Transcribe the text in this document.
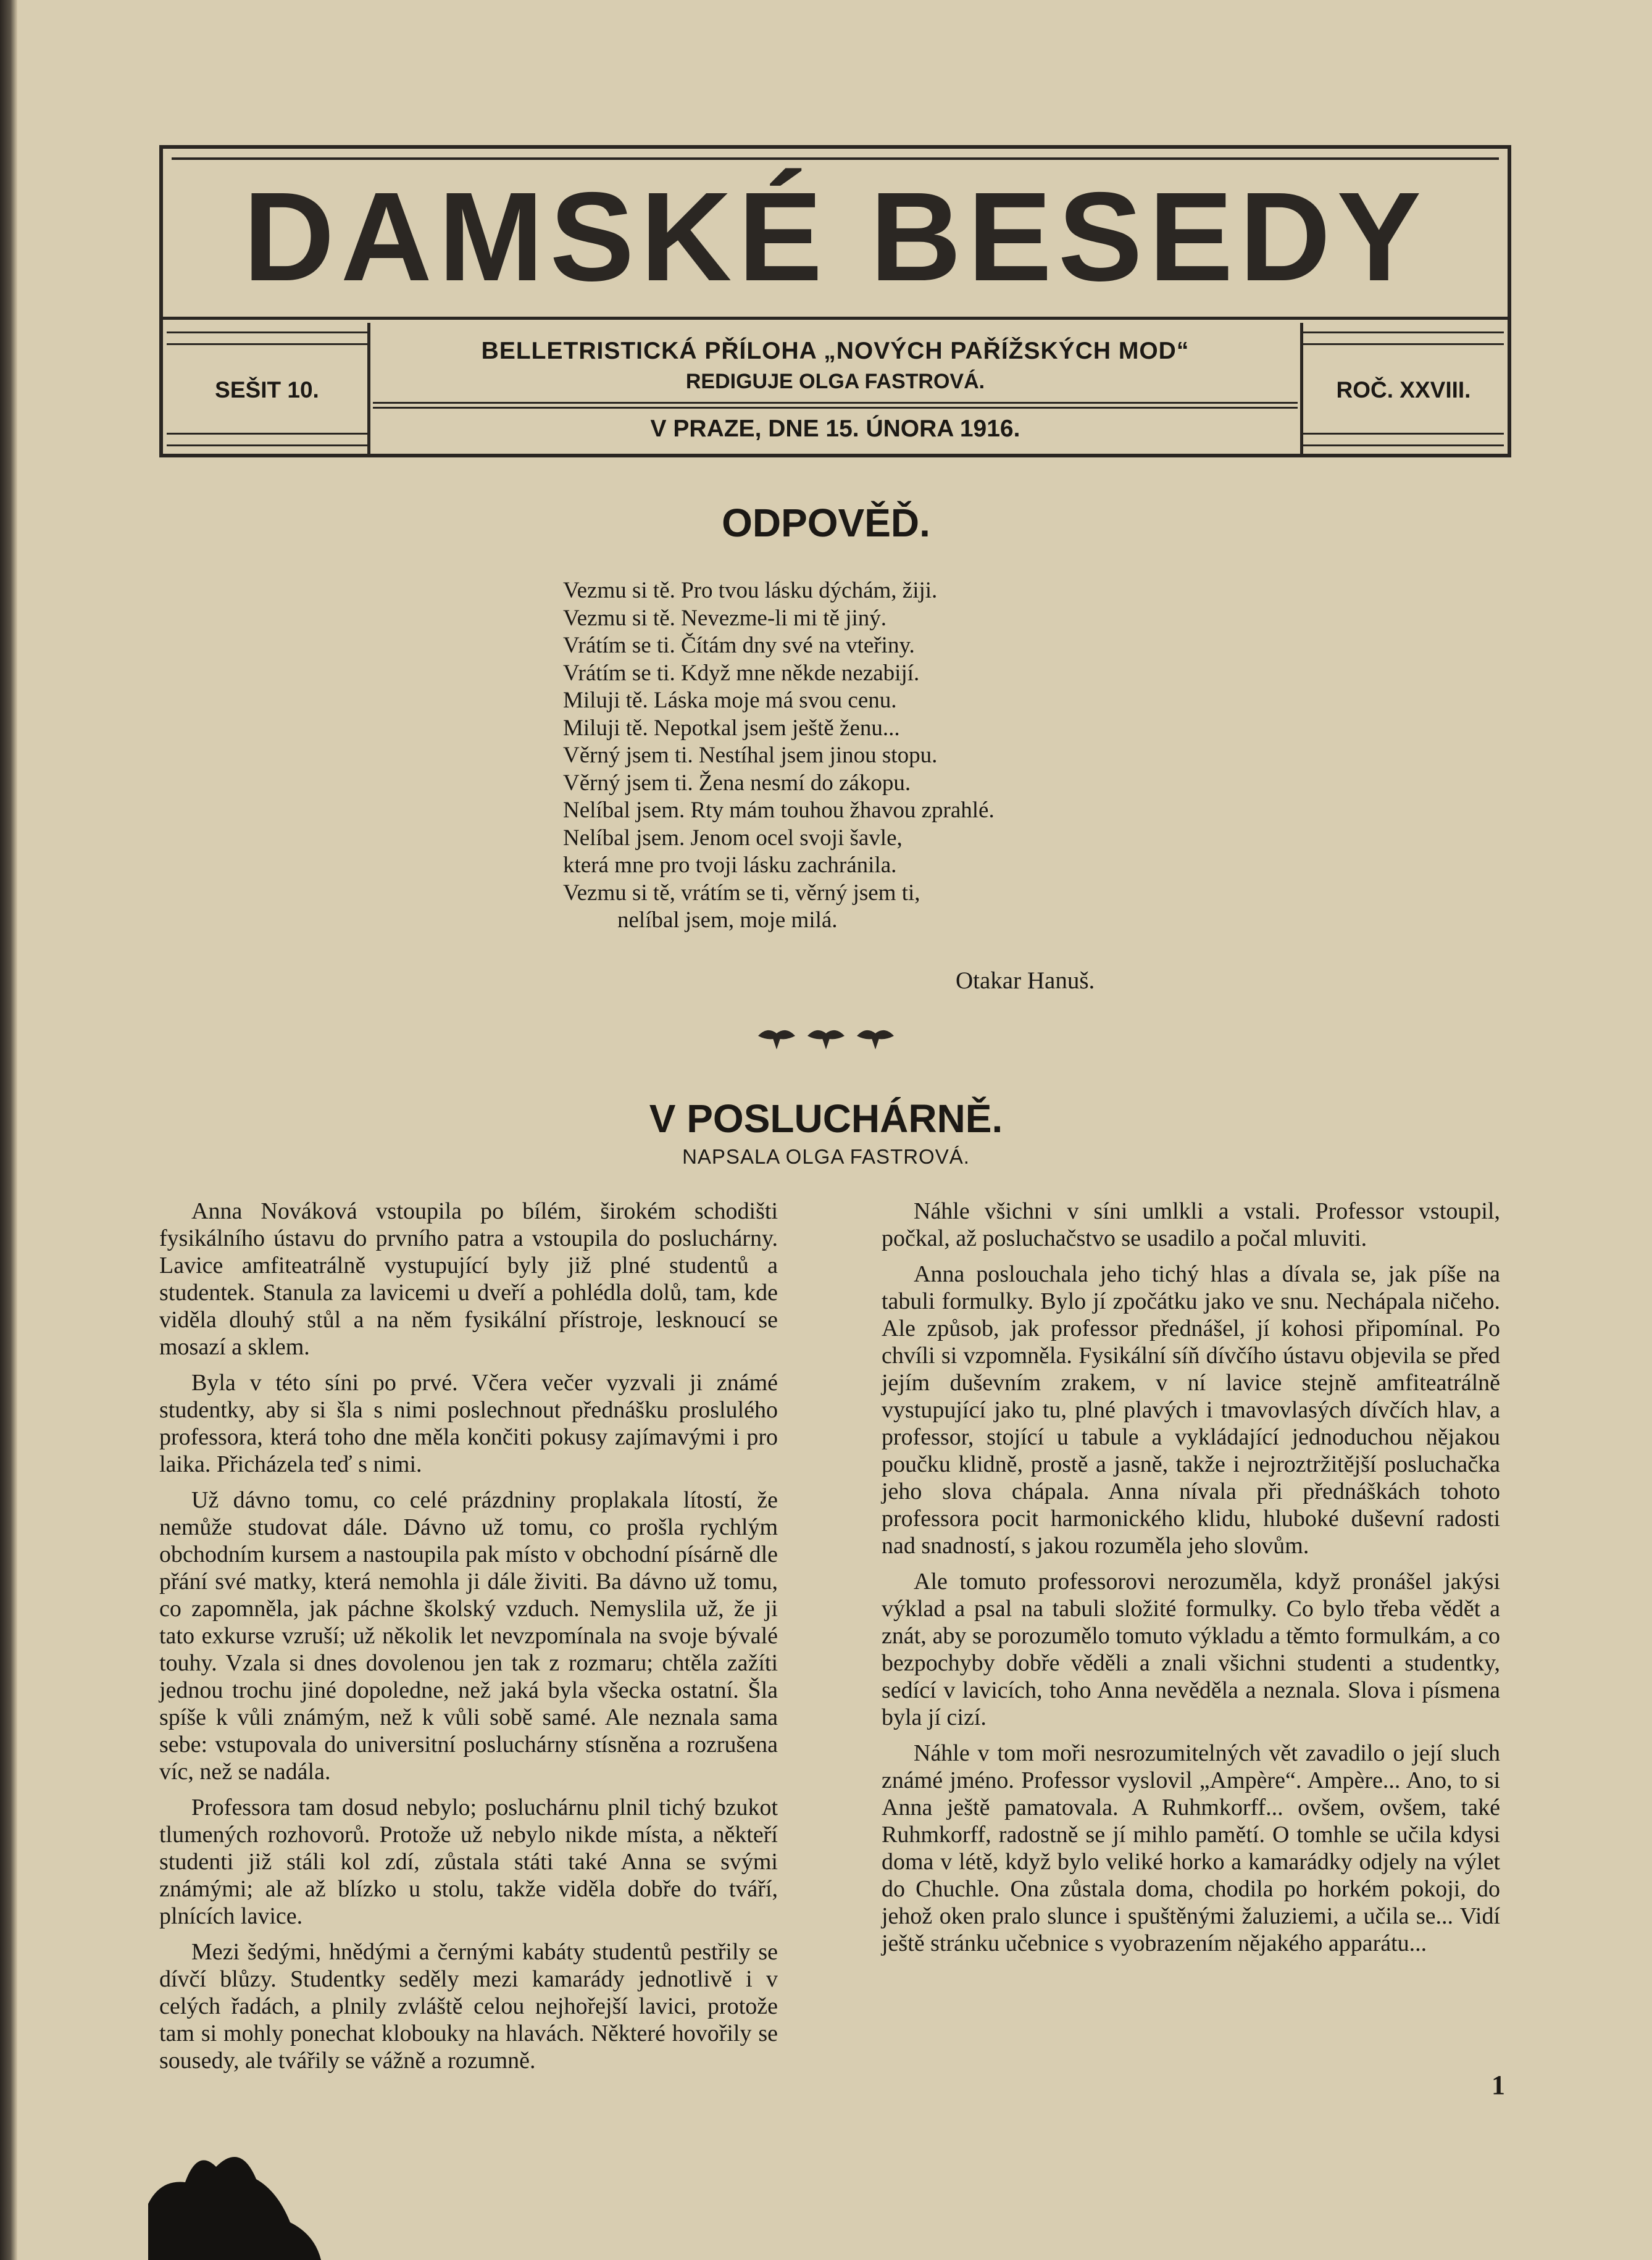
DAMSKÉ BESEDY
SEŠIT 10.
BELLETRISTICKÁ PŘÍLOHA „NOVÝCH PAŘÍŽSKÝCH MOD“
REDIGUJE OLGA FASTROVÁ.
V PRAZE, DNE 15. ÚNORA 1916.
ROČ. XXVIII.
ODPOVĚĎ.
Vezmu si tě. Pro tvou lásku dýchám, žiji.
Vezmu si tě. Nevezme-li mi tě jiný.
Vrátím se ti. Čítám dny své na vteřiny.
Vrátím se ti. Když mne někde nezabijí.
Miluji tě. Láska moje má svou cenu.
Miluji tě. Nepotkal jsem ještě ženu...
Věrný jsem ti. Nestíhal jsem jinou stopu.
Věrný jsem ti. Žena nesmí do zákopu.
Nelíbal jsem. Rty mám touhou žhavou zprahlé.
Nelíbal jsem. Jenom ocel svoji šavle,
která mne pro tvoji lásku zachránila.
Vezmu si tě, vrátím se ti, věrný jsem ti,
nelíbal jsem, moje milá.
Otakar Hanuš.
V POSLUCHÁRNĚ.
NAPSALA OLGA FASTROVÁ.

Anna Nováková vstoupila po bílém, širokém schodišti fysikálního ústavu do prvního patra a vstoupila do posluchárny. Lavice amfiteatrálně vystupující byly již plné studentů a studentek. Stanula za lavicemi u dveří a pohlédla dolů, tam, kde viděla dlouhý stůl a na něm fysikální přístroje, lesknoucí se mosazí a sklem.

Byla v této síni po prvé. Včera večer vyzvali ji známé studentky, aby si šla s nimi poslechnout přednášku proslulého professora, která toho dne měla končiti pokusy zajímavými i pro laika. Přicházela teď s nimi.

Už dávno tomu, co celé prázdniny proplakala lítostí, že nemůže studovat dále. Dávno už tomu, co prošla rychlým obchodním kursem a nastoupila pak místo v obchodní písárně dle přání své matky, která nemohla ji dále živiti. Ba dávno už tomu, co zapomněla, jak páchne školský vzduch. Nemyslila už, že ji tato exkurse vzruší; už několik let nevzpomínala na svoje bývalé touhy. Vzala si dnes dovolenou jen tak z rozmaru; chtěla zažíti jednou trochu jiné dopoledne, než jaká byla všecka ostatní. Šla spíše k vůli známým, než k vůli sobě samé. Ale neznala sama sebe: vstupovala do universitní posluchárny stísněna a rozrušena víc, než se nadála.

Professora tam dosud nebylo; posluchárnu plnil tichý bzukot tlumených rozhovorů. Protože už nebylo nikde místa, a někteří studenti již stáli kol zdí, zůstala státi také Anna se svými známými; ale až blízko u stolu, takže viděla dobře do tváří, plnících lavice.

Mezi šedými, hnědými a černými kabáty studentů pestřily se dívčí blůzy. Studentky seděly mezi kamarády jednotlivě i v celých řadách, a plnily zvláště celou nejhořejší lavici, protože tam si mohly ponechat klobouky na hlavách. Některé hovořily se sousedy, ale tvářily se vážně a rozumně.

Náhle všichni v síni umlkli a vstali. Professor vstoupil, počkal, až posluchačstvo se usadilo a počal mluviti.

Anna poslouchala jeho tichý hlas a dívala se, jak píše na tabuli formulky. Bylo jí zpočátku jako ve snu. Nechápala ničeho. Ale způsob, jak professor přednášel, jí kohosi připomínal. Po chvíli si vzpomněla. Fysikální síň dívčího ústavu objevila se před jejím duševním zrakem, v ní lavice stejně amfiteatrálně vystupující jako tu, plné plavých i tmavovlasých dívčích hlav, a professor, stojící u tabule a vykládající jednoduchou nějakou poučku klidně, prostě a jasně, takže i nejroztržitější posluchačka jeho slova chápala. Anna nívala při přednáškách tohoto professora pocit harmonického klidu, hluboké duševní radosti nad snadností, s jakou rozuměla jeho slovům.

Ale tomuto professorovi nerozuměla, když pronášel jakýsi výklad a psal na tabuli složité formulky. Co bylo třeba vědět a znát, aby se porozumělo tomuto výkladu a těmto formulkám, a co bezpochyby dobře věděli a znali všichni studenti a studentky, sedící v lavicích, toho Anna nevěděla a neznala. Slova i písmena byla jí cizí.

Náhle v tom moři nesrozumitelných vět zavadilo o její sluch známé jméno. Professor vyslovil „Ampère“. Ampère... Ano, to si Anna ještě pamatovala. A Ruhmkorff... ovšem, ovšem, také Ruhmkorff, radostně se jí mihlo pamětí. O tomhle se učila kdysi doma v létě, když bylo veliké horko a kamarádky odjely na výlet do Chuchle. Ona zůstala doma, chodila po horkém pokoji, do jehož oken pralo slunce i spuštěnými žaluziemi, a učila se... Vidí ještě stránku učebnice s vyobrazením nějakého apparátu...

1
